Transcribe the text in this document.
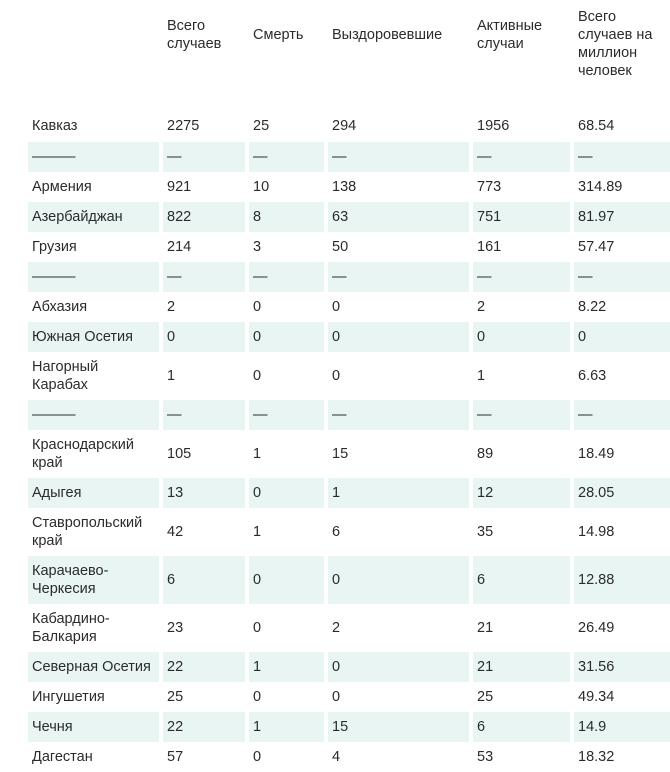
	Всего случаев	Смерть	Выздоровевшие	Активные случаи	Всего случаев на миллион человек
Кавказ	2275	25	294	1956	68.54
———	—	—	—	—	—
Армения	921	10	138	773	314.89
Азербайджан	822	8	63	751	81.97
Грузия	214	3	50	161	57.47
———	—	—	—	—	—
Абхазия	2	0	0	2	8.22
Южная Осетия	0	0	0	0	0
Нагорный Карабах	1	0	0	1	6.63
———	—	—	—	—	—
Краснодарский край	105	1	15	89	18.49
Адыгея	13	0	1	12	28.05
Ставропольский край	42	1	6	35	14.98
Карачаево-Черкесия	6	0	0	6	12.88
Кабардино-Балкария	23	0	2	21	26.49
Северная Осетия	22	1	0	21	31.56
Ингушетия	25	0	0	25	49.34
Чечня	22	1	15	6	14.9
Дагестан	57	0	4	53	18.32
